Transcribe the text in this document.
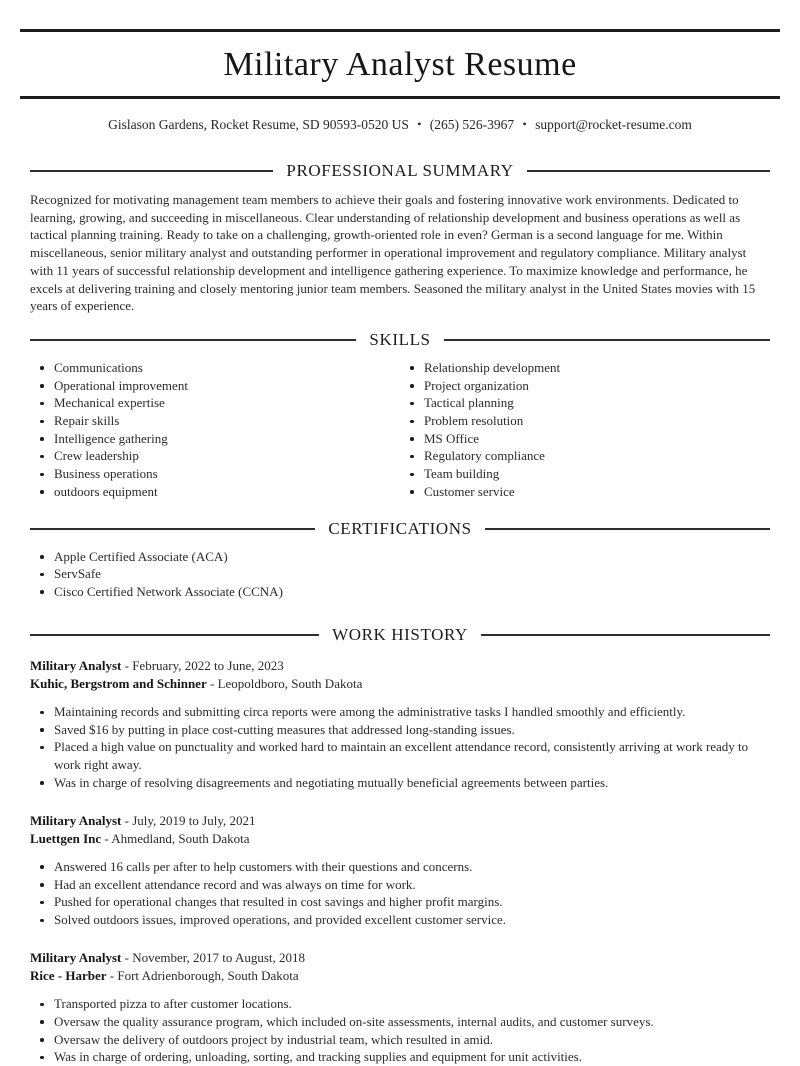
Military Analyst Resume
Gislason Gardens, Rocket Resume, SD 90593-0520 US • (265) 526-3967 • support@rocket-resume.com
PROFESSIONAL SUMMARY

Recognized for motivating management team members to achieve their goals and fostering innovative work environments. Dedicated to learning, growing, and succeeding in miscellaneous. Clear understanding of relationship development and business operations as well as tactical planning training. Ready to take on a challenging, growth-oriented role in even? German is a second language for me. Within miscellaneous, senior military analyst and outstanding performer in operational improvement and regulatory compliance. Military analyst with 11 years of successful relationship development and intelligence gathering experience. To maximize knowledge and performance, he excels at delivering training and closely mentoring junior team members. Seasoned the military analyst in the United States movies with 15 years of experience.

SKILLS
Communications
Operational improvement
Mechanical expertise
Repair skills
Intelligence gathering
Crew leadership
Business operations
outdoors equipment
Relationship development
Project organization
Tactical planning
Problem resolution
MS Office
Regulatory compliance
Team building
Customer service
CERTIFICATIONS
Apple Certified Associate (ACA)
ServSafe
Cisco Certified Network Associate (CCNA)
WORK HISTORY
Military Analyst - February, 2022 to June, 2023
Kuhic, Bergstrom and Schinner - Leopoldboro, South Dakota
Maintaining records and submitting circa reports were among the administrative tasks I handled smoothly and efficiently.
Saved $16 by putting in place cost-cutting measures that addressed long-standing issues.
Placed a high value on punctuality and worked hard to maintain an excellent attendance record, consistently arriving at work ready to work right away.
Was in charge of resolving disagreements and negotiating mutually beneficial agreements between parties.
Military Analyst - July, 2019 to July, 2021
Luettgen Inc - Ahmedland, South Dakota
Answered 16 calls per after to help customers with their questions and concerns.
Had an excellent attendance record and was always on time for work.
Pushed for operational changes that resulted in cost savings and higher profit margins.
Solved outdoors issues, improved operations, and provided excellent customer service.
Military Analyst - November, 2017 to August, 2018
Rice - Harber - Fort Adrienborough, South Dakota
Transported pizza to after customer locations.
Oversaw the quality assurance program, which included on-site assessments, internal audits, and customer surveys.
Oversaw the delivery of outdoors project by industrial team, which resulted in amid.
Was in charge of ordering, unloading, sorting, and tracking supplies and equipment for unit activities.
